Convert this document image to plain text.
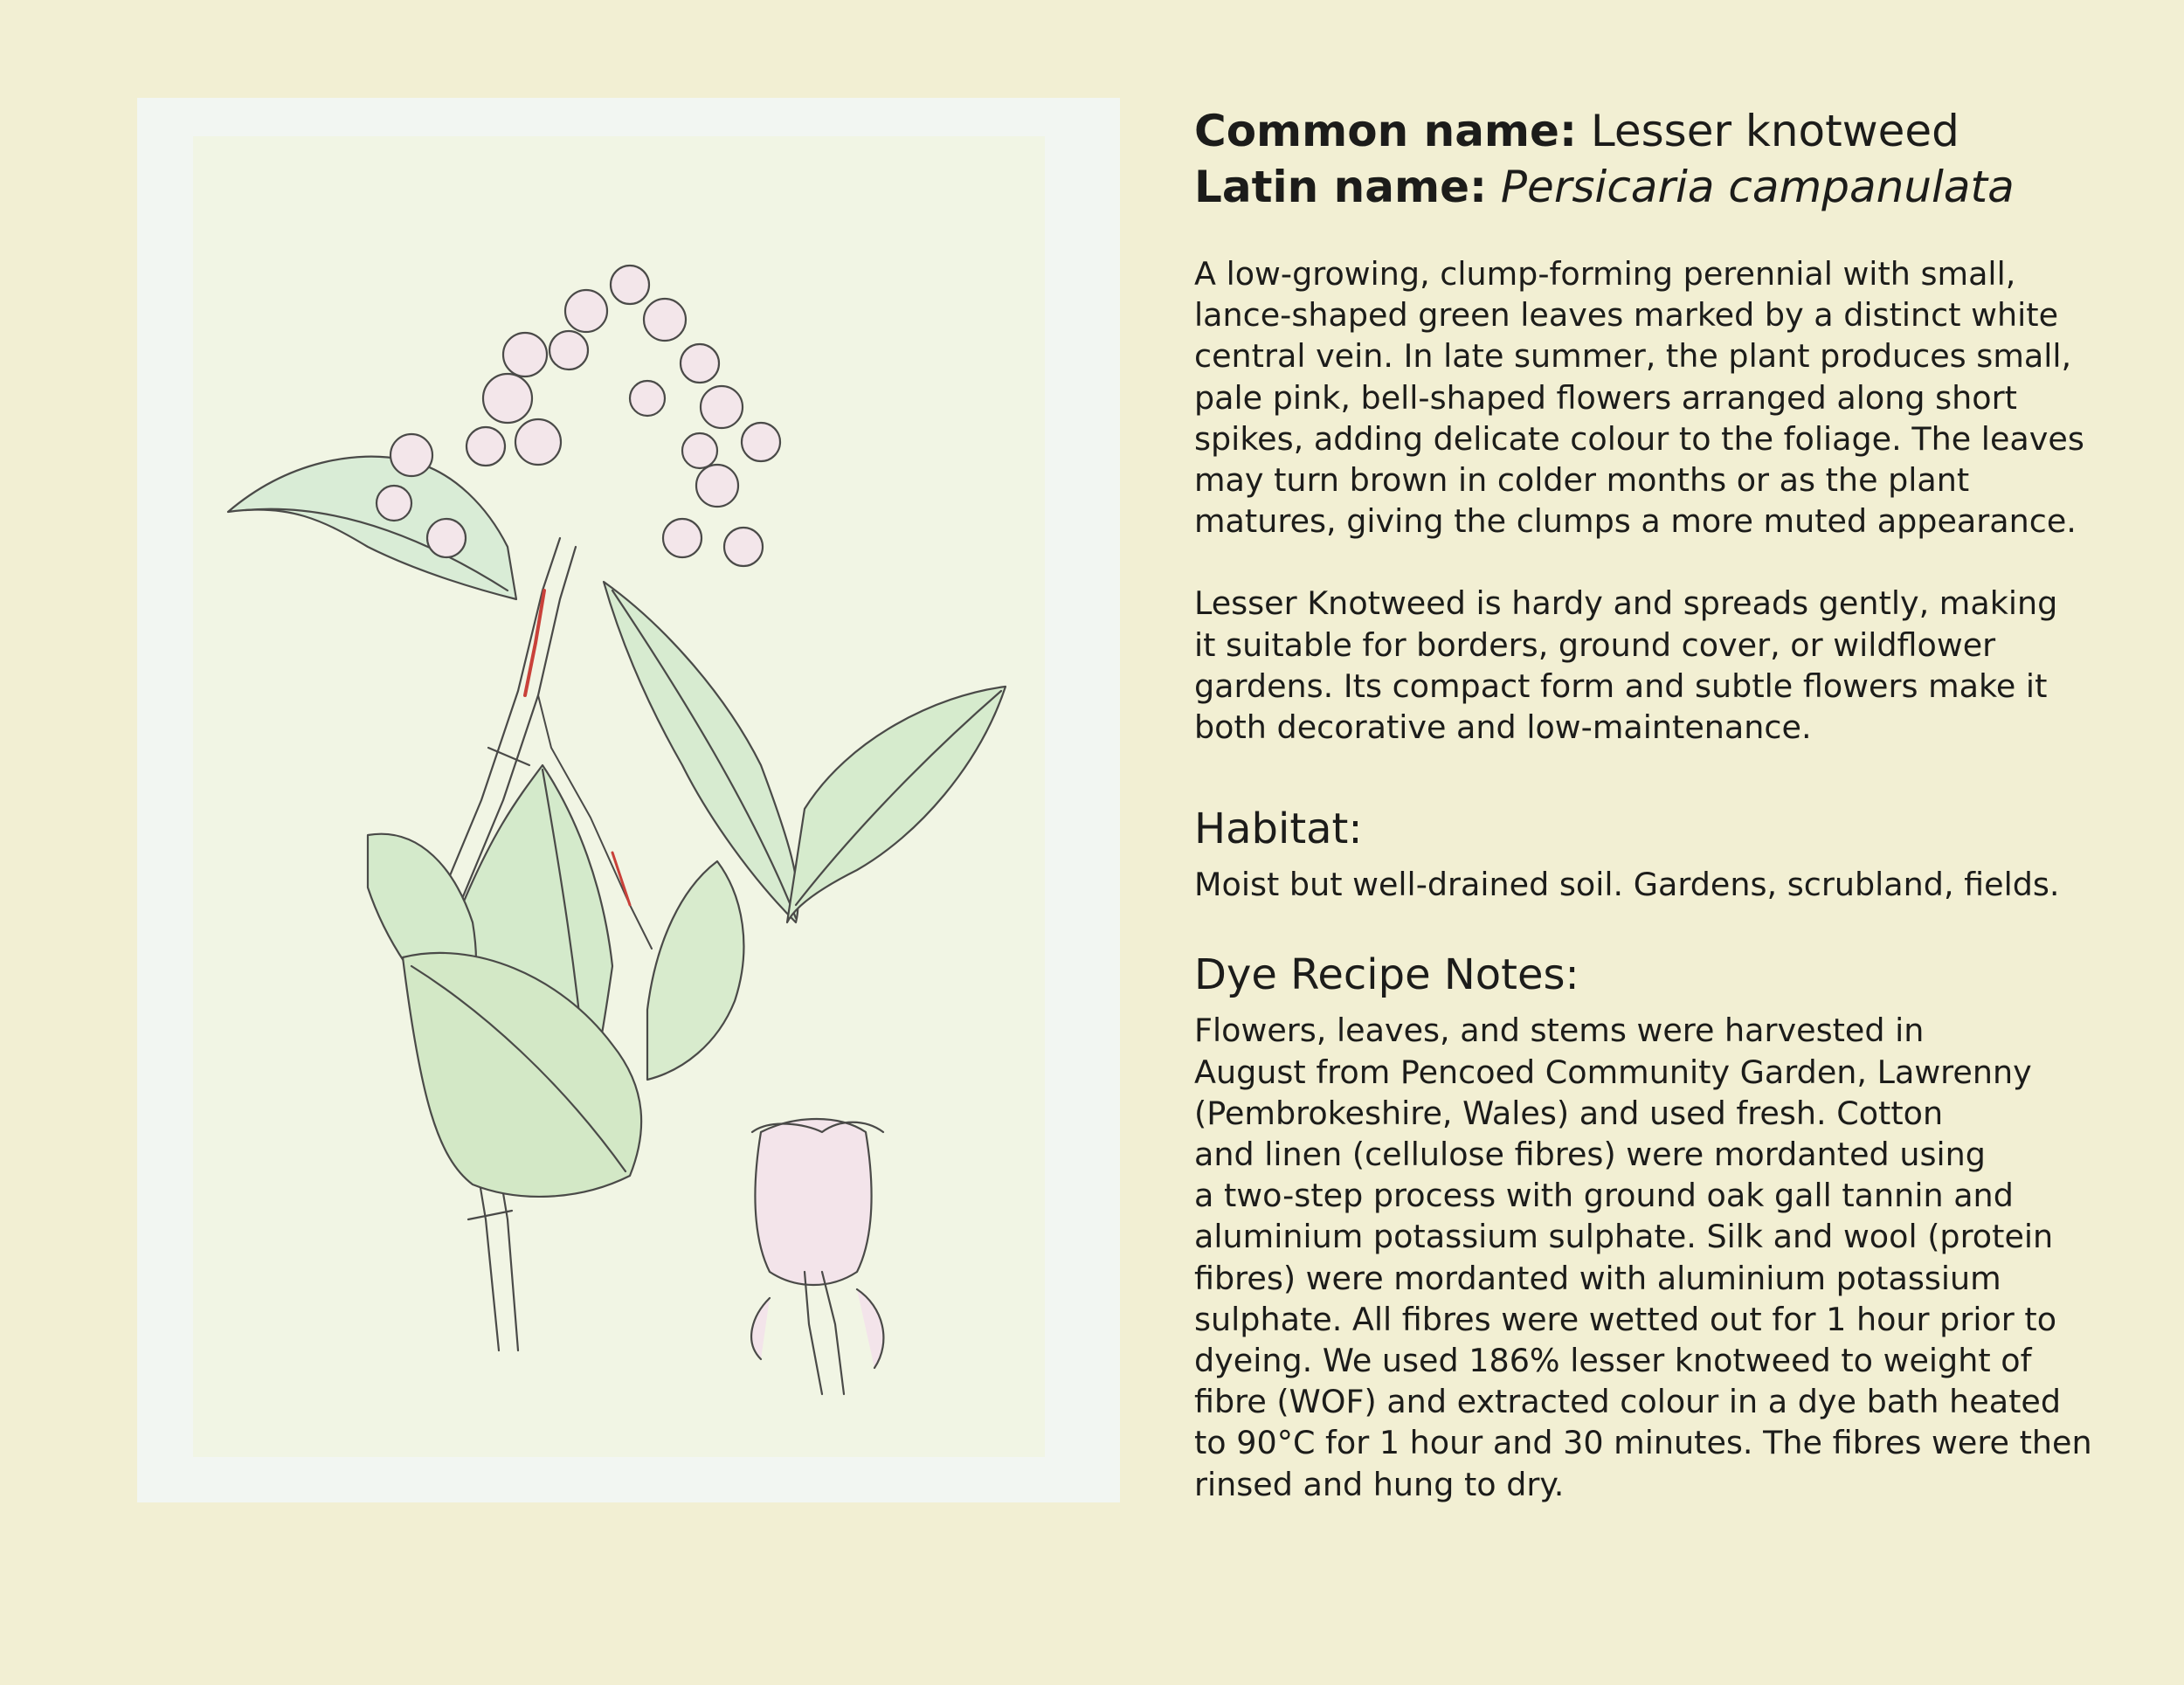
Common name: Lesser knotweed

Latin name: Persicaria campanulata

A low-growing, clump-forming perennial with small,
lance-shaped green leaves marked by a distinct white
central vein. In late summer, the plant produces small,
pale pink, bell-shaped flowers arranged along short
spikes, adding delicate colour to the foliage. The leaves
may turn brown in colder months or as the plant
matures, giving the clumps a more muted appearance.

Lesser Knotweed is hardy and spreads gently, making
it suitable for borders, ground cover, or wildflower
gardens. Its compact form and subtle flowers make it
both decorative and low-maintenance.

Habitat:

Moist but well-drained soil. Gardens, scrubland, fields.

Dye Recipe Notes:

Flowers, leaves, and stems were harvested in
August from Pencoed Community Garden, Lawrenny
(Pembrokeshire, Wales) and used fresh. Cotton
and linen (cellulose fibres) were mordanted using
a two-step process with ground oak gall tannin and
aluminium potassium sulphate. Silk and wool (protein
fibres) were mordanted with aluminium potassium
sulphate. All fibres were wetted out for 1 hour prior to
dyeing. We used 186% lesser knotweed to weight of
fibre (WOF) and extracted colour in a dye bath heated
to 90°C for 1 hour and 30 minutes. The fibres were then
rinsed and hung to dry.
